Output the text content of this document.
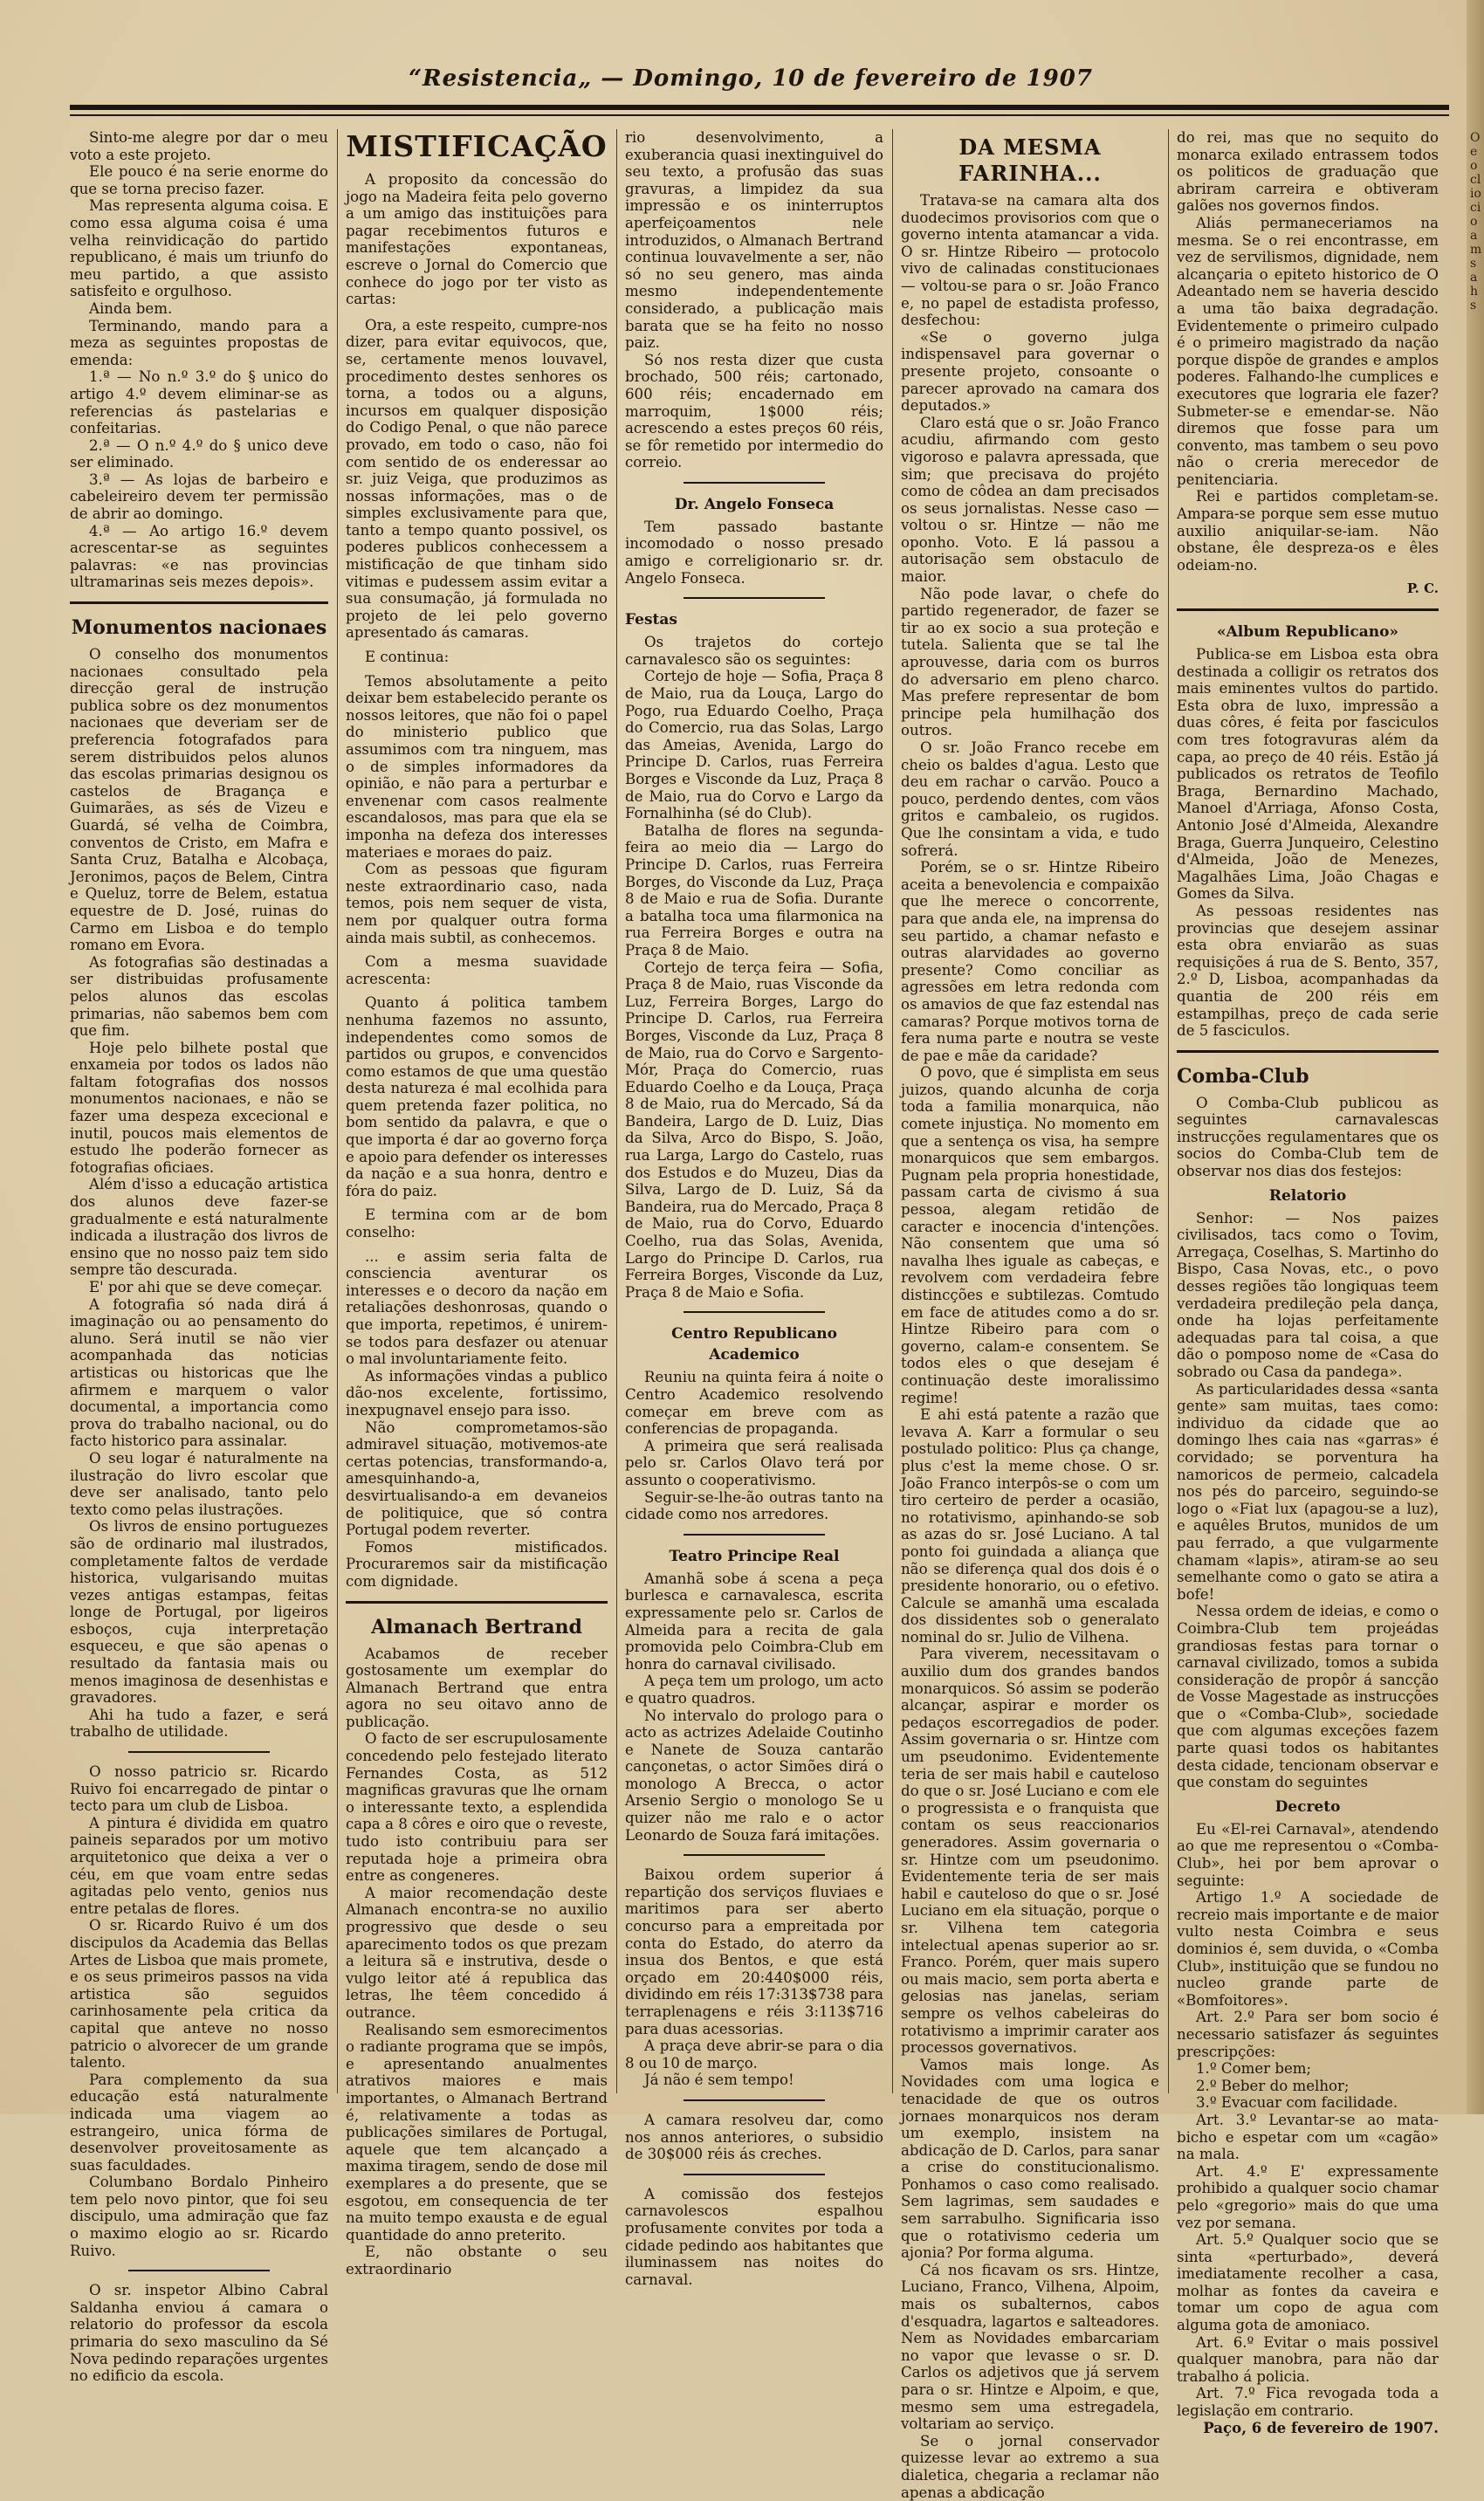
“Resistencia„ — Domingo, 10 de fevereiro de 1907

Sinto-me alegre por dar o meu voto a este projeto.

Ele pouco é na serie enorme do que se torna preciso fazer.

Mas representa alguma coisa. E como essa alguma coisa é uma velha reinvidicação do partido republicano, é mais um triunfo do meu partido, a que assisto satisfeito e orgulhoso.

Ainda bem.

Terminando, mando para a meza as seguintes propostas de emenda:

1.ª — No n.º 3.º do § unico do artigo 4.º devem eliminar-se as referencias ás pastelarias e confeitarias.

2.ª — O n.º 4.º do § unico deve ser eliminado.

3.ª — As lojas de barbeiro e cabeleireiro devem ter permissão de abrir ao domingo.

4.ª — Ao artigo 16.º devem acrescentar-se as seguintes palavras: «e nas provincias ultramarinas seis mezes depois».

Monumentos nacionaes

O conselho dos monumentos nacionaes consultado pela direcção geral de instrução publica sobre os dez monumentos nacionaes que deveriam ser de preferencia fotografados para serem distribuidos pelos alunos das escolas primarias designou os castelos de Bragança e Guimarães, as sés de Vizeu e Guardá, sé velha de Coimbra, conventos de Cristo, em Mafra e Santa Cruz, Batalha e Alcobaça, Jeronimos, paços de Belem, Cintra e Queluz, torre de Belem, estatua equestre de D. José, ruinas do Carmo em Lisboa e do templo romano em Evora.

As fotografias são destinadas a ser distribuidas profusamente pelos alunos das escolas primarias, não sabemos bem com que fim.

Hoje pelo bilhete postal que enxameia por todos os lados não faltam fotografias dos nossos monumentos nacionaes, e não se fazer uma despeza excecional e inutil, poucos mais elementos de estudo lhe poderão fornecer as fotografias oficiaes.

Além d'isso a educação artistica dos alunos deve fazer-se gradualmente e está naturalmente indicada a ilustração dos livros de ensino que no nosso paiz tem sido sempre tão descurada.

E' por ahi que se deve começar.

A fotografia só nada dirá á imaginação ou ao pensamento do aluno. Será inutil se não vier acompanhada das noticias artisticas ou historicas que lhe afirmem e marquem o valor documental, a importancia como prova do trabalho nacional, ou do facto historico para assinalar.

O seu logar é naturalmente na ilustração do livro escolar que deve ser analisado, tanto pelo texto como pelas ilustrações.

Os livros de ensino portuguezes são de ordinario mal ilustrados, completamente faltos de verdade historica, vulgarisando muitas vezes antigas estampas, feitas longe de Portugal, por ligeiros esboços, cuja interpretação esqueceu, e que são apenas o resultado da fantasia mais ou menos imaginosa de desenhistas e gravadores.

Ahi ha tudo a fazer, e será trabalho de utilidade.

O nosso patricio sr. Ricardo Ruivo foi encarregado de pintar o tecto para um club de Lisboa.

A pintura é dividida em quatro paineis separados por um motivo arquitetonico que deixa a ver o céu, em que voam entre sedas agitadas pelo vento, genios nus entre petalas de flores.

O sr. Ricardo Ruivo é um dos discipulos da Academia das Bellas Artes de Lisboa que mais promete, e os seus primeiros passos na vida artistica são seguidos carinhosamente pela critica da capital que anteve no nosso patricio o alvorecer de um grande talento.

Para complemento da sua educação está naturalmente indicada uma viagem ao estrangeiro, unica fórma de desenvolver proveitosamente as suas faculdades.

Columbano Bordalo Pinheiro tem pelo novo pintor, que foi seu discipulo, uma admiração que faz o maximo elogio ao sr. Ricardo Ruivo.

O sr. inspetor Albino Cabral Saldanha enviou á camara o relatorio do professor da escola primaria do sexo masculino da Sé Nova pedindo reparações urgentes no edificio da escola.

MISTIFICAÇÃO

A proposito da concessão do jogo na Madeira feita pelo governo a um amigo das instituições para pagar recebimentos futuros e manifestações expontaneas, escreve o Jornal do Comercio que conhece do jogo por ter visto as cartas:

Ora, a este respeito, cumpre-nos dizer, para evitar equivocos, que, se, certamente menos louvavel, procedimento destes senhores os torna, a todos ou a alguns, incursos em qualquer disposição do Codigo Penal, o que não parece provado, em todo o caso, não foi com sentido de os enderessar ao sr. juiz Veiga, que produzimos as nossas informações, mas o de simples exclusivamente para que, tanto a tempo quanto possivel, os poderes publicos conhecessem a mistificação de que tinham sido vitimas e pudessem assim evitar a sua consumação, já formulada no projeto de lei pelo governo apresentado ás camaras.

E continua:

Temos absolutamente a peito deixar bem estabelecido perante os nossos leitores, que não foi o papel do ministerio publico que assumimos com tra ninguem, mas o de simples informadores da opinião, e não para a perturbar e envenenar com casos realmente escandalosos, mas para que ela se imponha na defeza dos interesses materiaes e moraes do paiz.

Com as pessoas que figuram neste extraordinario caso, nada temos, pois nem sequer de vista, nem por qualquer outra forma ainda mais subtil, as conhecemos.

Com a mesma suavidade acrescenta:

Quanto á politica tambem nenhuma fazemos no assunto, independentes como somos de partidos ou grupos, e convencidos como estamos de que uma questão desta natureza é mal ecolhida para quem pretenda fazer politica, no bom sentido da palavra, e que o que importa é dar ao governo força e apoio para defender os interesses da nação e a sua honra, dentro e fóra do paiz.

E termina com ar de bom conselho:

... e assim seria falta de consciencia aventurar os interesses e o decoro da nação em retaliações deshonrosas, quando o que importa, repetimos, é unirem-se todos para desfazer ou atenuar o mal involuntariamente feito.

As informações vindas a publico dão-nos excelente, fortissimo, inexpugnavel ensejo para isso.

Não comprometamos-são admiravel situação, motivemos-ate certas potencias, transformando-a, amesquinhando-a, desvirtualisando-a em devaneios de politiquice, que só contra Portugal podem reverter.

Fomos mistificados. Procuraremos sair da mistificação com dignidade.

Almanach Bertrand

Acabamos de receber gostosamente um exemplar do Almanach Bertrand que entra agora no seu oitavo anno de publicação.

O facto de ser escrupulosamente concedendo pelo festejado literato Fernandes Costa, as 512 magnificas gravuras que lhe ornam o interessante texto, a esplendida capa a 8 côres e oiro que o reveste, tudo isto contribuiu para ser reputada hoje a primeira obra entre as congeneres.

A maior recomendação deste Almanach encontra-se no auxilio progressivo que desde o seu aparecimento todos os que prezam a leitura sã e instrutiva, desde o vulgo leitor até á republica das letras, lhe têem concedido á outrance.

Realisando sem esmorecimentos o radiante programa que se impôs, e apresentando anualmentes atrativos maiores e mais importantes, o Almanach Bertrand é, relativamente a todas as publicações similares de Portugal, aquele que tem alcançado a maxima tiragem, sendo de dose mil exemplares a do presente, que se esgotou, em consequencia de ter na muito tempo exausta e de egual quantidade do anno preterito.

E, não obstante o seu extraordinario

rio desenvolvimento, a exuberancia quasi inextinguivel do seu texto, a profusão das suas gravuras, a limpidez da sua impressão e os ininterruptos aperfeiçoamentos nele introduzidos, o Almanach Bertrand continua louvavelmente a ser, não só no seu genero, mas ainda mesmo independentemente considerado, a publicação mais barata que se ha feito no nosso paiz.

Só nos resta dizer que custa brochado, 500 réis; cartonado, 600 réis; encadernado em marroquim, 1$000 réis; acrescendo a estes preços 60 réis, se fôr remetido por intermedio do correio.

Dr. Angelo Fonseca

Tem passado bastante incomodado o nosso presado amigo e correligionario sr. dr. Angelo Fonseca.

Festas

Os trajetos do cortejo carnavalesco são os seguintes:

Cortejo de hoje — Sofia, Praça 8 de Maio, rua da Louça, Largo do Pogo, rua Eduardo Coelho, Praça do Comercio, rua das Solas, Largo das Ameias, Avenida, Largo do Principe D. Carlos, ruas Ferreira Borges e Visconde da Luz, Praça 8 de Maio, rua do Corvo e Largo da Fornalhinha (sé do Club).

Batalha de flores na segunda-feira ao meio dia — Largo do Principe D. Carlos, ruas Ferreira Borges, do Visconde da Luz, Praça 8 de Maio e rua de Sofia. Durante a batalha toca uma filarmonica na rua Ferreira Borges e outra na Praça 8 de Maio.

Cortejo de terça feira — Sofia, Praça 8 de Maio, ruas Visconde da Luz, Ferreira Borges, Largo do Principe D. Carlos, rua Ferreira Borges, Visconde da Luz, Praça 8 de Maio, rua do Corvo e Sargento-Mór, Praça do Comercio, ruas Eduardo Coelho e da Louça, Praça 8 de Maio, rua do Mercado, Sá da Bandeira, Largo de D. Luiz, Dias da Silva, Arco do Bispo, S. João, rua Larga, Largo do Castelo, ruas dos Estudos e do Muzeu, Dias da Silva, Largo de D. Luiz, Sá da Bandeira, rua do Mercado, Praça 8 de Maio, rua do Corvo, Eduardo Coelho, rua das Solas, Avenida, Largo do Principe D. Carlos, rua Ferreira Borges, Visconde da Luz, Praça 8 de Maio e Sofia.

Centro Republicano Academico

Reuniu na quinta feira á noite o Centro Academico resolvendo começar em breve com as conferencias de propaganda.

A primeira que será realisada pelo sr. Carlos Olavo terá por assunto o cooperativismo.

Seguir-se-lhe-ão outras tanto na cidade como nos arredores.

Teatro Principe Real

Amanhã sobe á scena a peça burlesca e carnavalesca, escrita expressamente pelo sr. Carlos de Almeida para a recita de gala promovida pelo Coimbra-Club em honra do carnaval civilisado.

A peça tem um prologo, um acto e quatro quadros.

No intervalo do prologo para o acto as actrizes Adelaide Coutinho e Nanete de Souza cantarão cançonetas, o actor Simões dirá o monologo A Brecca, o actor Arsenio Sergio o monologo Se u quizer não me ralo e o actor Leonardo de Souza fará imitações.

Baixou ordem superior á repartição dos serviços fluviaes e maritimos para ser aberto concurso para a empreitada por conta do Estado, do aterro da insua dos Bentos, e que está orçado em 20:440$000 réis, dividindo em réis 17:313$738 para terraplenagens e réis 3:113$716 para duas acessorias.

A praça deve abrir-se para o dia 8 ou 10 de março.

Já não é sem tempo!

A camara resolveu dar, como nos annos anteriores, o subsidio de 30$000 réis ás creches.

A comissão dos festejos carnavolescos espalhou profusamente convites por toda a cidade pedindo aos habitantes que iluminassem nas noites do carnaval.

DA MESMA FARINHA...

Tratava-se na camara alta dos duodecimos provisorios com que o governo intenta atamancar a vida. O sr. Hintze Ribeiro — protocolo vivo de calinadas constitucionaes — voltou-se para o sr. João Franco e, no papel de estadista professo, desfechou:

«Se o governo julga indispensavel para governar o presente projeto, consoante o parecer aprovado na camara dos deputados.»

Claro está que o sr. João Franco acudiu, afirmando com gesto vigoroso e palavra apressada, que sim; que precisava do projéto como de côdea an dam precisados os seus jornalistas. Nesse caso — voltou o sr. Hintze — não me oponho. Voto. E lá passou a autorisação sem obstaculo de maior.

Não pode lavar, o chefe do partido regenerador, de fazer se tir ao ex socio a sua proteção e tutela. Salienta que se tal lhe aprouvesse, daria com os burros do adversario em pleno charco. Mas prefere representar de bom principe pela humilhação dos outros.

O sr. João Franco recebe em cheio os baldes d'agua. Lesto que deu em rachar o carvão. Pouco a pouco, perdendo dentes, com vãos gritos e cambaleio, os rugidos. Que lhe consintam a vida, e tudo sofrerá.

Porém, se o sr. Hintze Ribeiro aceita a benevolencia e compaixão que lhe merece o concorrente, para que anda ele, na imprensa do seu partido, a chamar nefasto e outras alarvidades ao governo presente? Como conciliar as agressões em letra redonda com os amavios de que faz estendal nas camaras? Porque motivos torna de fera numa parte e noutra se veste de pae e mãe da caridade?

O povo, que é simplista em seus juizos, quando alcunha de corja toda a familia monarquica, não comete injustiça. No momento em que a sentença os visa, ha sempre monarquicos que sem embargos. Pugnam pela propria honestidade, passam carta de civismo á sua pessoa, alegam retidão de caracter e inocencia d'intenções. Não consentem que uma só navalha lhes iguale as cabeças, e revolvem com verdadeira febre distincções e subtilezas. Comtudo em face de atitudes como a do sr. Hintze Ribeiro para com o governo, calam-e consentem. Se todos eles o que desejam é continuação deste imoralissimo regime!

E ahi está patente a razão que levava A. Karr a formular o seu postulado politico: Plus ça change, plus c'est la meme chose. O sr. João Franco interpôs-se o com um tiro certeiro de perder a ocasião, no rotativismo, apinhando-se sob as azas do sr. José Luciano. A tal ponto foi guindada a aliança que não se diferença qual dos dois é o presidente honorario, ou o efetivo. Calcule se amanhã uma escalada dos dissidentes sob o generalato nominal do sr. Julio de Vilhena.

Para viverem, necessitavam o auxilio dum dos grandes bandos monarquicos. Só assim se poderão alcançar, aspirar e morder os pedaços escorregadios de poder. Assim governaria o sr. Hintze com um pseudonimo. Evidentemente teria de ser mais habil e cauteloso do que o sr. José Luciano e com ele o progressista e o franquista que contam os seus reaccionarios generadores. Assim governaria o sr. Hintze com um pseudonimo. Evidentemente teria de ser mais habil e cauteloso do que o sr. José Luciano em ela situação, porque o sr. Vilhena tem categoria intelectual apenas superior ao sr. Franco. Porém, quer mais supero ou mais macio, sem porta aberta e gelosias nas janelas, seriam sempre os velhos cabeleiras do rotativismo a imprimir carater aos processos governativos.

Vamos mais longe. As Novidades com uma logica e tenacidade de que os outros jornaes monarquicos nos deram um exemplo, insistem na abdicação de D. Carlos, para sanar a crise do constitucionalismo. Ponhamos o caso como realisado. Sem lagrimas, sem saudades e sem sarrabulho. Significaria isso que o rotativismo cederia um ajonia? Por forma alguma.

Cá nos ficavam os srs. Hintze, Luciano, Franco, Vilhena, Alpoim, mais os subalternos, cabos d'esquadra, lagartos e salteadores. Nem as Novidades embarcariam no vapor que levasse o sr. D. Carlos os adjetivos que já servem para o sr. Hintze e Alpoim, e que, mesmo sem uma estregadela, voltariam ao serviço.

Se o jornal conservador quizesse levar ao extremo a sua dialetica, chegaria a reclamar não apenas a abdicação

do rei, mas que no sequito do monarca exilado entrassem todos os politicos de graduação que abriram carreira e obtiveram galões nos governos findos.

Aliás permaneceriamos na mesma. Se o rei encontrasse, em vez de servilismos, dignidade, nem alcançaria o epiteto historico de O Adeantado nem se haveria descido a uma tão baixa degradação. Evidentemente o primeiro culpado é o primeiro magistrado da nação porque dispõe de grandes e amplos poderes. Falhando-lhe cumplices e executores que lograria ele fazer? Submeter-se e emendar-se. Não diremos que fosse para um convento, mas tambem o seu povo não o creria merecedor de penitenciaria.

Rei e partidos completam-se. Ampara-se porque sem esse mutuo auxilio aniquilar-se-iam. Não obstane, êle despreza-os e êles odeiam-no.

P. C.
«Album Republicano»

Publica-se em Lisboa esta obra destinada a colligir os retratos dos mais eminentes vultos do partido. Esta obra de luxo, impressão a duas côres, é feita por fasciculos com tres fotogravuras além da capa, ao preço de 40 réis. Estão já publicados os retratos de Teofilo Braga, Bernardino Machado, Manoel d'Arriaga, Afonso Costa, Antonio José d'Almeida, Alexandre Braga, Guerra Junqueiro, Celestino d'Almeida, João de Menezes, Magalhães Lima, João Chagas e Gomes da Silva.

As pessoas residentes nas provincias que desejem assinar esta obra enviarão as suas requisições á rua de S. Bento, 357, 2.º D, Lisboa, acompanhadas da quantia de 200 réis em estampilhas, preço de cada serie de 5 fasciculos.

Comba-Club

O Comba-Club publicou as seguintes carnavalescas instrucções regulamentares que os socios do Comba-Club tem de observar nos dias dos festejos:

Relatorio

Senhor: — Nos paizes civilisados, tacs como o Tovim, Arregaça, Coselhas, S. Martinho do Bispo, Casa Novas, etc., o povo desses regiões tão longiquas teem verdadeira predileção pela dança, onde ha lojas perfeitamente adequadas para tal coisa, a que dão o pomposo nome de «Casa do sobrado ou Casa da pandega».

As particularidades dessa «santa gente» sam muitas, taes como: individuo da cidade que ao domingo lhes caia nas «garras» é corvidado; se porventura ha namoricos de permeio, calcadela nos pés do parceiro, seguindo-se logo o «Fiat lux (apagou-se a luz), e aquêles Brutos, munidos de um pau ferrado, a que vulgarmente chamam «lapis», atiram-se ao seu semelhante como o gato se atira a bofe!

Nessa ordem de ideias, e como o Coimbra-Club tem projeádas grandiosas festas para tornar o carnaval civilizado, tomos a subida consideração de propôr á sancção de Vosse Magestade as instrucções que o «Comba-Club», sociedade que com algumas exceções fazem parte quasi todos os habitantes desta cidade, tencionam observar e que constam do seguintes

Decreto

Eu «El-rei Carnaval», atendendo ao que me representou o «Comba-Club», hei por bem aprovar o seguinte:

Artigo 1.º A sociedade de recreio mais importante e de maior vulto nesta Coimbra e seus dominios é, sem duvida, o «Comba Club», instituição que se fundou no nucleo grande parte de «Bomfoitores».

Art. 2.º Para ser bom socio é necessario satisfazer ás seguintes prescripções:

1.º Comer bem;

2.º Beber do melhor;

3.º Evacuar com facilidade.

Art. 3.º Levantar-se ao mata-bicho e espetar com um «cagão» na mala.

Art. 4.º E' expressamente prohibido a qualquer socio chamar pelo «gregorio» mais do que uma vez por semana.

Art. 5.º Qualquer socio que se sinta «perturbado», deverá imediatamente recolher a casa, molhar as fontes da caveira e tomar um copo de agua com alguma gota de amoniaco.

Art. 6.º Evitar o mais possivel qualquer manobra, para não dar trabalho á policia.

Art. 7.º Fica revogada toda a legislação em contrario.

Paço, 6 de fevereiro de 1907.

Oeocliocioamsahs
